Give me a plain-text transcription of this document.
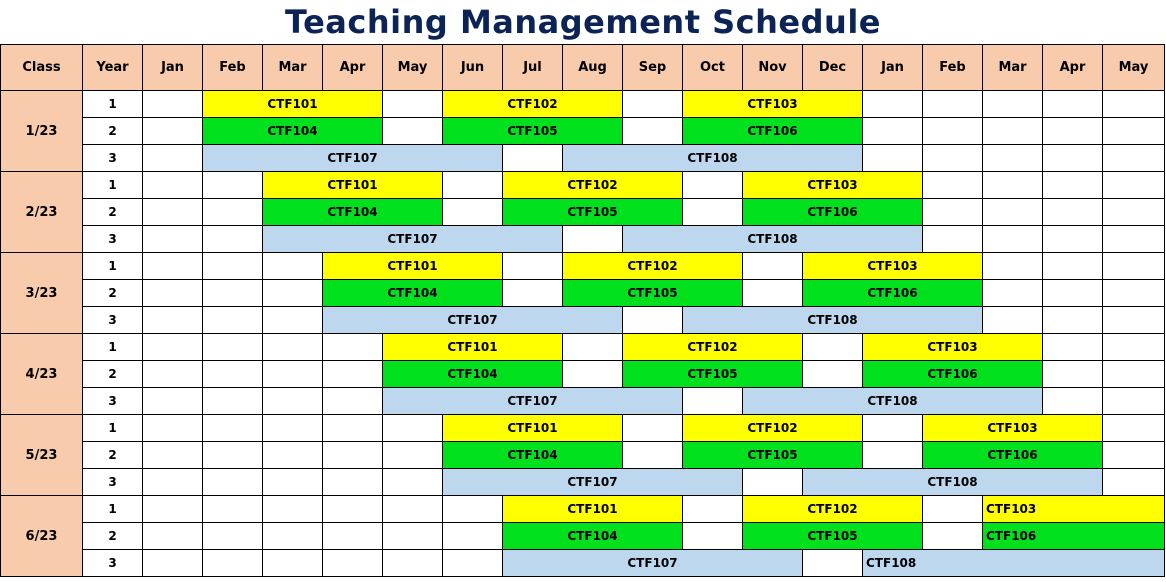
Teaching Management Schedule
Class	Year	Jan	Feb	Mar	Apr	May	Jun	Jul	Aug	Sep	Oct	Nov	Dec	Jan	Feb	Mar	Apr	May
1/23	1		CTF101				CTF102				CTF103							
	2		CTF104				CTF105				CTF106							
	3		CTF107						CTF108									
2/23	1			CTF101				CTF102				CTF103						
	2			CTF104				CTF105				CTF106						
	3			CTF107						CTF108								
3/23	1				CTF101				CTF102				CTF103					
	2				CTF104				CTF105				CTF106					
	3				CTF107						CTF108							
4/23	1					CTF101				CTF102				CTF103				
	2					CTF104				CTF105				CTF106				
	3					CTF107						CTF108						
5/23	1						CTF101				CTF102				CTF103			
	2						CTF104				CTF105				CTF106			
	3						CTF107						CTF108					
6/23	1							CTF101				CTF102				CTF103		
	2							CTF104				CTF105				CTF106		
	3							CTF107						CTF108				
